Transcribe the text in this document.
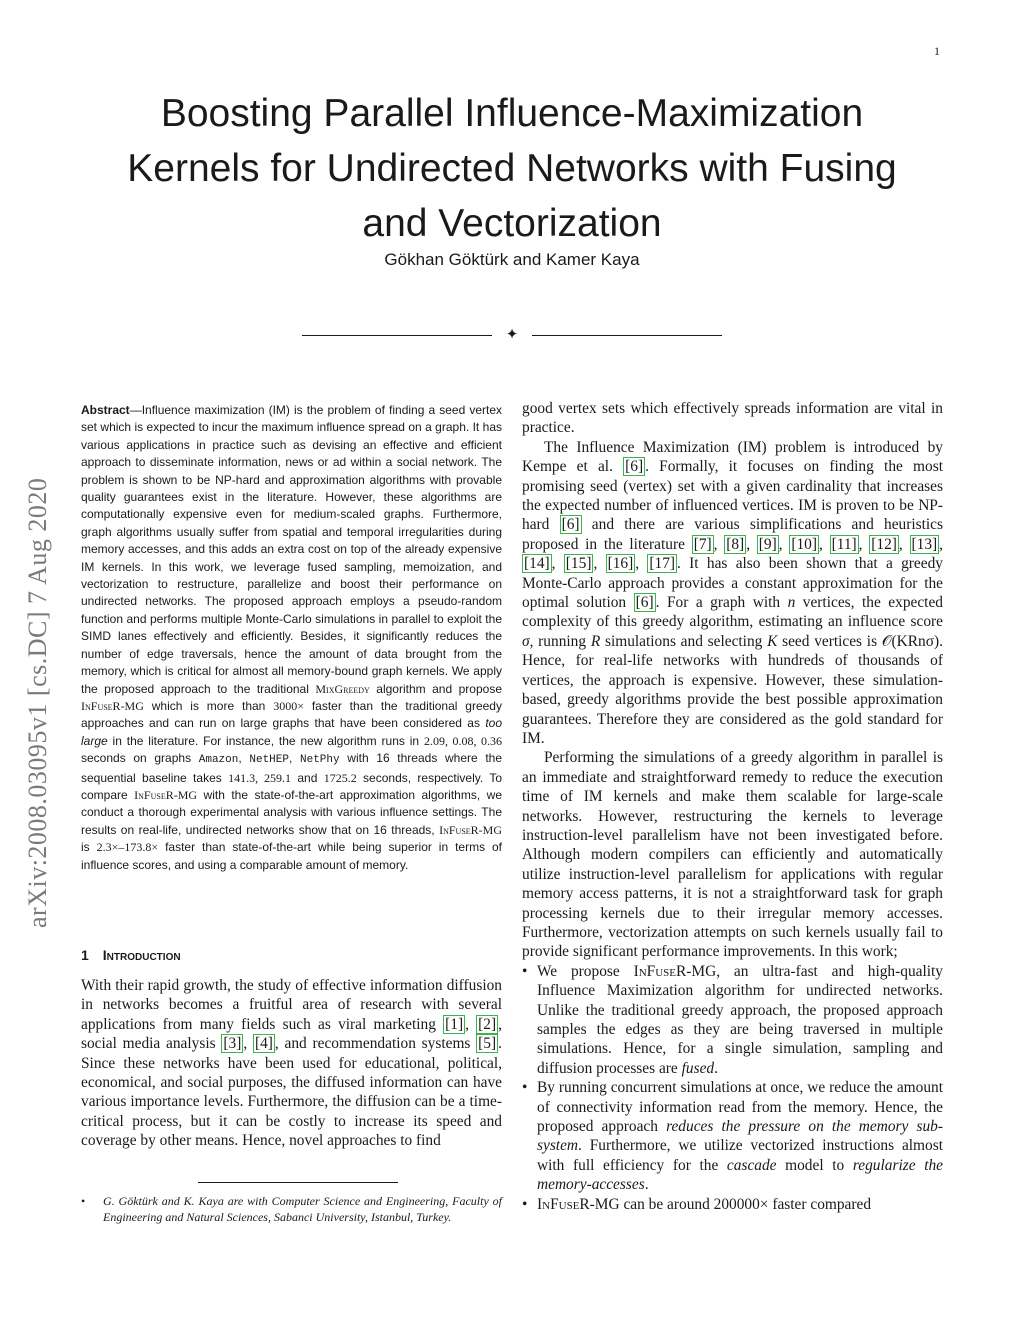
1
Boosting Parallel Influence-Maximization Kernels for Undirected Networks with Fusing and Vectorization
Gökhan Göktürk and Kamer Kaya
✦
arXiv:2008.03095v1 [cs.DC] 7 Aug 2020

Abstract—Influence maximization (IM) is the problem of finding a seed vertex set which is expected to incur the maximum influence spread on a graph. It has various applications in practice such as devising an effective and efficient approach to disseminate information, news or ad within a social network. The problem is shown to be NP-hard and approximation algorithms with provable quality guarantees exist in the literature. However, these algorithms are computationally expensive even for medium-scaled graphs. Furthermore, graph algorithms usually suffer from spatial and temporal irregularities during memory accesses, and this adds an extra cost on top of the already expensive IM kernels. In this work, we leverage fused sampling, memoization, and vectorization to restructure, parallelize and boost their performance on undirected networks. The proposed approach employs a pseudo-random function and performs multiple Monte-Carlo simulations in parallel to exploit the SIMD lanes effectively and efficiently. Besides, it significantly reduces the number of edge traversals, hence the amount of data brought from the memory, which is critical for almost all memory-bound graph kernels. We apply the proposed approach to the traditional MixGreedy algorithm and propose InFuseR-MG which is more than 3000× faster than the traditional greedy approaches and can run on large graphs that have been considered as too large in the literature. For instance, the new algorithm runs in 2.09, 0.08, 0.36 seconds on graphs Amazon, NetHEP, NetPhy with 16 threads where the sequential baseline takes 141.3, 259.1 and 1725.2 seconds, respectively. To compare InFuseR-MG with the state-of-the-art approximation algorithms, we conduct a thorough experimental analysis with various influence settings. The results on real-life, undirected networks show that on 16 threads, InFuseR-MG is 2.3×–173.8× faster than state-of-the-art while being superior in terms of influence scores, and using a comparable amount of memory.

1 Introduction

With their rapid growth, the study of effective information diffusion in networks becomes a fruitful area of research with several applications from many fields such as viral marketing [1] , [2] , social media analysis [3] , [4] , and recommendation systems [5] . Since these networks have been used for educational, political, economical, and social purposes, the diffused information can have various importance levels. Furthermore, the diffusion can be a time-critical process, but it can be costly to increase its speed and coverage by other means. Hence, novel approaches to find

• G. Göktürk and K. Kaya are with Computer Science and Engineering, Faculty of Engineering and Natural Sciences, Sabanci University, Istanbul, Turkey.

good vertex sets which effectively spreads information are vital in practice.

The Influence Maximization (IM) problem is introduced by Kempe et al. [6] . Formally, it focuses on finding the most promising seed (vertex) set with a given cardinality that increases the expected number of influenced vertices. IM is proven to be NP-hard [6] and there are various simplifications and heuristics proposed in the literature [7] , [8] , [9] , [10] , [11] , [12] , [13] , [14] , [15] , [16] , [17] . It has also been shown that a greedy Monte-Carlo approach provides a constant approximation for the optimal solution [6] . For a graph with n vertices, the expected complexity of this greedy algorithm, estimating an influence score σ, running R simulations and selecting K seed vertices is 𝒪(KRnσ). Hence, for real-life networks with hundreds of thousands of vertices, the approach is expensive. However, these simulation-based, greedy algorithms provide the best possible approximation guarantees. Therefore they are considered as the gold standard for IM.

Performing the simulations of a greedy algorithm in parallel is an immediate and straightforward remedy to reduce the execution time of IM kernels and make them scalable for large-scale networks. However, restructuring the kernels to leverage instruction-level parallelism have not been investigated before. Although modern compilers can efficiently and automatically utilize instruction-level parallelism for applications with regular memory access patterns, it is not a straightforward task for graph processing kernels due to their irregular memory accesses. Furthermore, vectorization attempts on such kernels usually fail to provide significant performance improvements. In this work;

• We propose InFuseR-MG, an ultra-fast and high-quality Influence Maximization algorithm for undirected networks. Unlike the traditional greedy approach, the proposed approach samples the edges as they are being traversed in multiple simulations. Hence, for a single simulation, sampling and diffusion processes are fused.
• By running concurrent simulations at once, we reduce the amount of connectivity information read from the memory. Hence, the proposed approach reduces the pressure on the memory sub-system. Furthermore, we utilize vectorized instructions almost with full efficiency for the cascade model to regularize the memory-accesses.
• InFuseR-MG can be around 200000× faster compared
